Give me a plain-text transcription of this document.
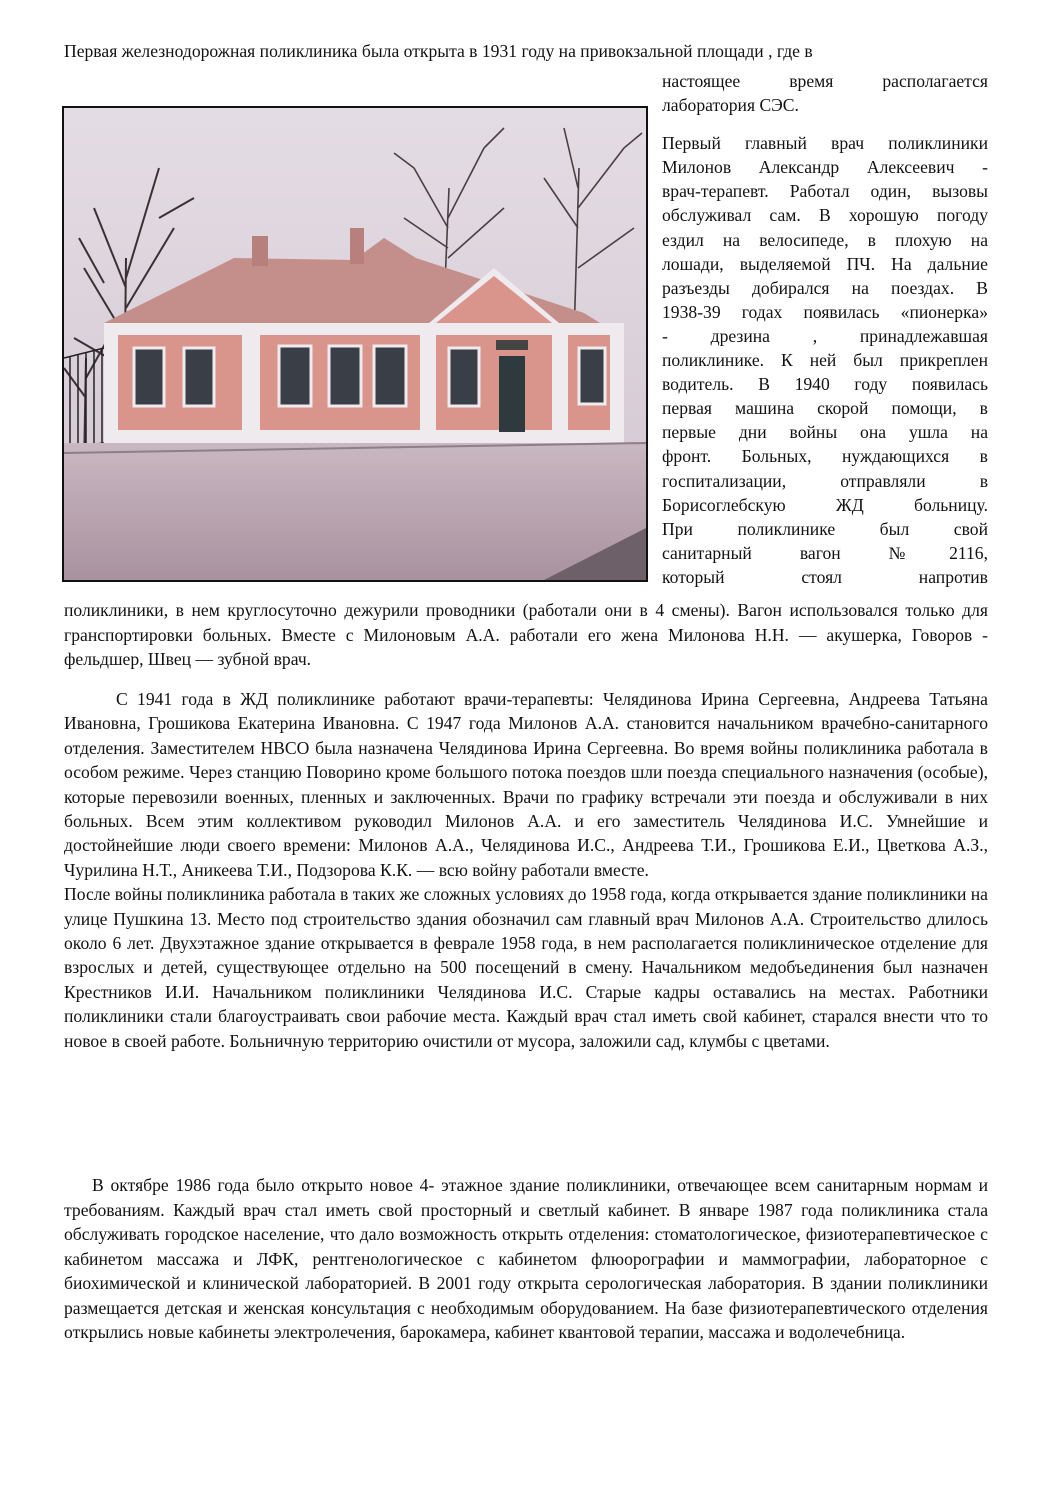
Первая железнодорожная поликлиника была открыта в 1931 году на привокзальной площади , где в

настоящее время располагается

лаборатория СЭС.

Первый главный врач поликлиники

Милонов Александр Алексеевич -

врач-терапевт. Работал один, вызовы

обслуживал сам. В хорошую погоду

ездил на велосипеде, в плохую на

лошади, выделяемой ПЧ. На дальние

разъезды добирался на поездах. В

1938-39 годах появилась «пионерка»

- дрезина , принадлежавшая

поликлинике. К ней был прикреплен

водитель. В 1940 году появилась

первая машина скорой помощи, в

первые дни войны она ушла на

фронт. Больных, нуждающихся в

госпитализации, отправляли в

Борисоглебскую ЖД больницу.

При поликлинике был свой

санитарный вагон №2116,

который стоял напротив

поликлиники, в нем круглосуточно дежурили проводники (работали они в 4 смены). Вагон использовался только для гранспортировки больных. Вместе с Милоновым А.А. работали его жена Милонова Н.Н. — акушерка, Говоров - фельдшер, Швец — зубной врач.

С 1941 года в ЖД поликлинике работают врачи-терапевты: Челядинова Ирина Сергеевна, Андреева Татьяна Ивановна, Грошикова Екатерина Ивановна. С 1947 года Милонов А.А. становится начальником врачебно-санитарного отделения. Заместителем НВСО была назначена Челядинова Ирина Сергеевна. Во время войны поликлиника работала в особом режиме. Через станцию Поворино кроме большого потока поездов шли поезда специального назначения (особые), которые перевозили военных, пленных и заключенных. Врачи по графику встречали эти поезда и обслуживали в них больных. Всем этим коллективом руководил Милонов А.А. и его заместитель Челядинова И.С. Умнейшие и достойнейшие люди своего времени: Милонов А.А., Челядинова И.С., Андреева Т.И., Грошикова Е.И., Цветкова А.З., Чурилина Н.Т., Аникеева Т.И., Подзорова К.К. — всю войну работали вместе.

После войны поликлиника работала в таких же сложных условиях до 1958 года, когда открывается здание поликлиники на улице Пушкина 13. Место под строительство здания обозначил сам главный врач Милонов А.А. Строительство длилось около 6 лет. Двухэтажное здание открывается в феврале 1958 года, в нем располагается поликлиническое отделение для взрослых и детей, существующее отдельно на 500 посещений в смену. Начальником медобъединения был назначен Крестников И.И. Начальником поликлиники Челядинова И.С. Старые кадры оставались на местах. Работники поликлиники стали благоустраивать свои рабочие места. Каждый врач стал иметь свой кабинет, старался внести что то новое в своей работе. Больничную территорию очистили от мусора, заложили сад, клумбы с цветами.

В октябре 1986 года было открыто новое 4- этажное здание поликлиники, отвечающее всем санитарным нормам и требованиям. Каждый врач стал иметь свой просторный и светлый кабинет. В январе 1987 года поликлиника стала обслуживать городское население, что дало возможность открыть отделения: стоматологическое, физиотерапевтическое с кабинетом массажа и ЛФК, рентгенологическое с кабинетом флюорографии и маммографии, лабораторное с биохимической и клинической лабораторией. В 2001 году открыта серологическая лаборатория. В здании поликлиники размещается детская и женская консультация с необходимым оборудованием. На базе физиотерапевтического отделения открылись новые кабинеты электролечения, барокамера, кабинет квантовой терапии, массажа и водолечебница.
